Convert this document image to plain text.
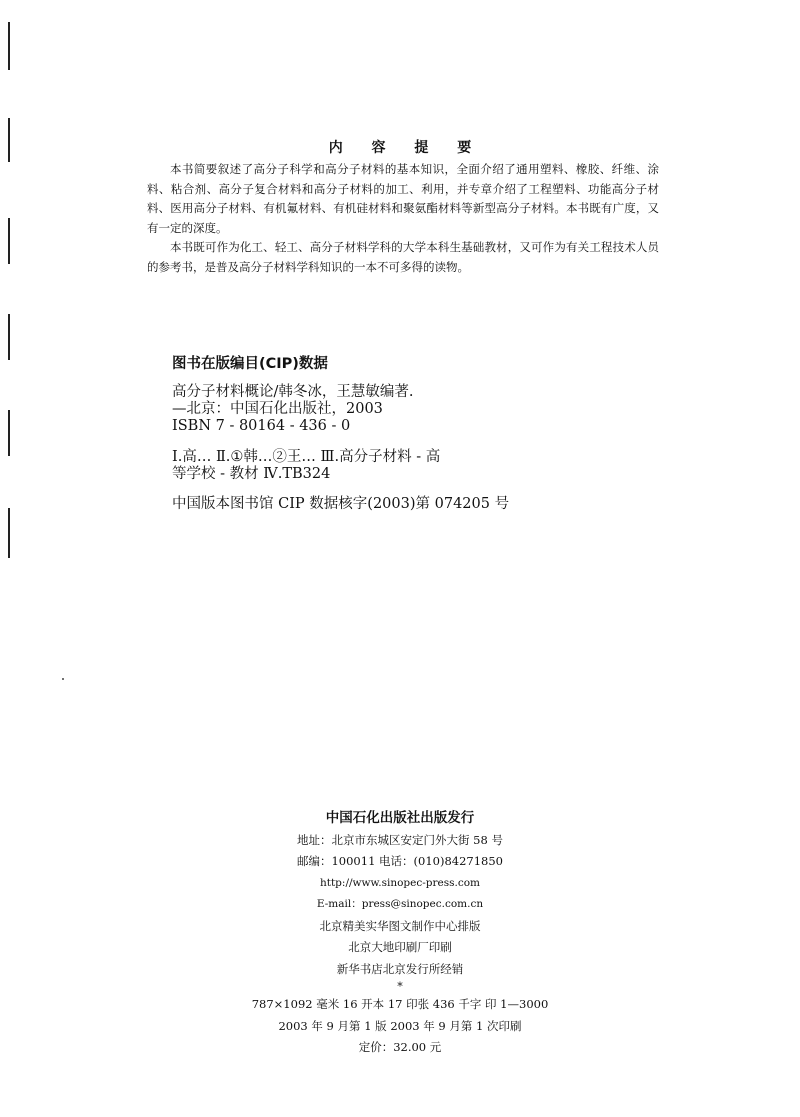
内 容 提 要

本书简要叙述了高分子科学和高分子材料的基本知识，全面介绍了通用塑料、橡胶、纤维、涂料、粘合剂、高分子复合材料和高分子材料的加工、利用，并专章介绍了工程塑料、功能高分子材料、医用高分子材料、有机氟材料、有机硅材料和聚氨酯材料等新型高分子材料。本书既有广度，又有一定的深度。

本书既可作为化工、轻工、高分子材料学科的大学本科生基础教材，又可作为有关工程技术人员的参考书，是普及高分子材料学科知识的一本不可多得的读物。

图书在版编目(CIP)数据
高分子材料概论/韩冬冰，王慧敏编著.
—北京：中国石化出版社，2003
ISBN 7 - 80164 - 436 - 0
Ⅰ.高… Ⅱ.①韩…②王… Ⅲ.高分子材料 - 高
等学校 - 教材 Ⅳ.TB324
中国版本图书馆 CIP 数据核字(2003)第 074205 号
中国石化出版社出版发行
地址：北京市东城区安定门外大街 58 号
邮编：100011 电话：(010)84271850
http://www.sinopec-press.com
E-mail：press@sinopec.com.cn
北京精美实华图文制作中心排版
北京大地印刷厂印刷
新华书店北京发行所经销
*
787×1092 毫米 16 开本 17 印张 436 千字 印 1—3000
2003 年 9 月第 1 版 2003 年 9 月第 1 次印刷
定价：32.00 元
